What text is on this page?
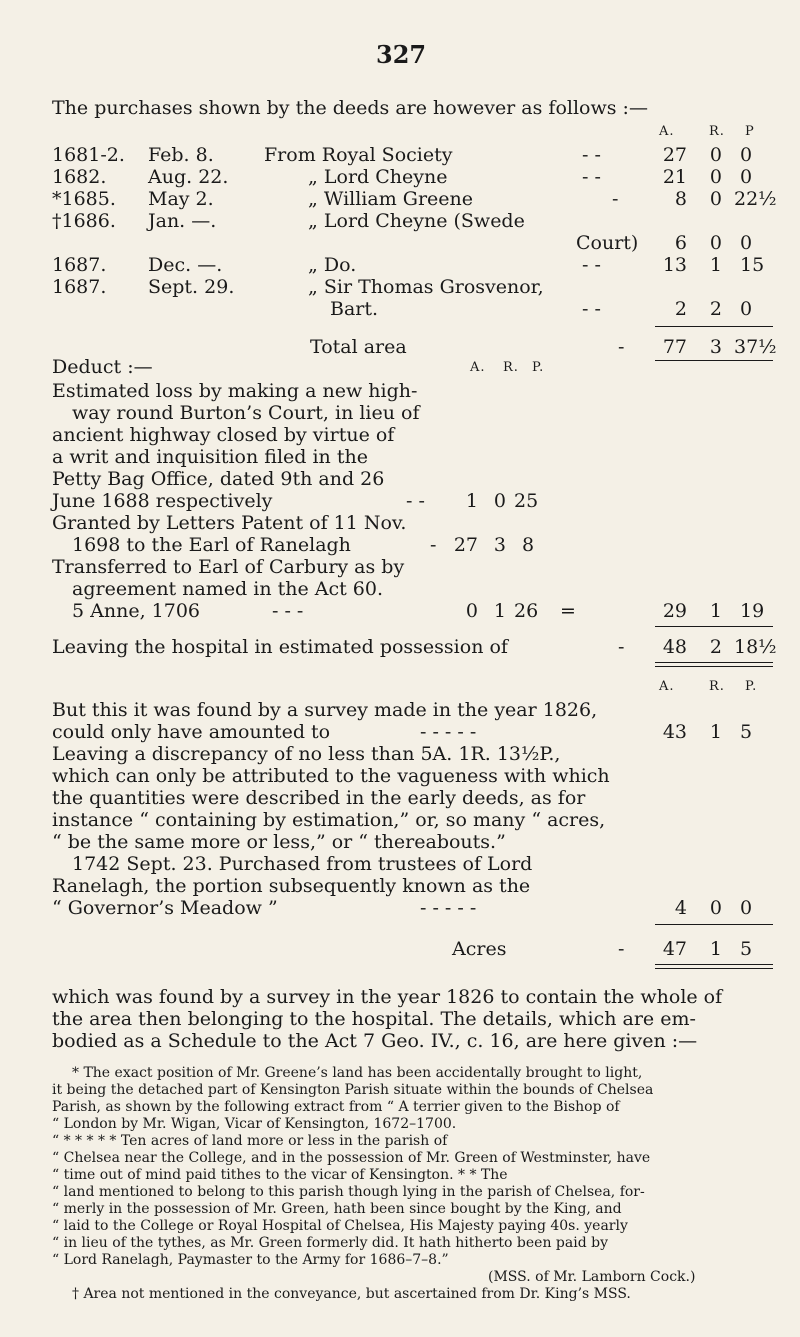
327
The purchases shown by the deeds are however as follows :—
A.	R. P
1681-2. Feb. 8.	From Royal Society	- -	27	0 0
1682. Aug. 22.	„ Lord Cheyne	- -	21	0 0
*1685. May 2.	„ William Greene	-	8	0 22½
†1686. Jan. —.	„ Lord Cheyne (Swede
Court)	6	0 0
1687. Dec. —.	„ Do.	- -	13	1 15
1687. Sept. 29.	„ Sir Thomas Grosvenor,
Bart.	- -	2	2 0
Total area	-	77	3 37½
Deduct :—	A. R. P.
Estimated loss by making a new high-
way round Burton’s Court, in lieu of
ancient highway closed by virtue of
a writ and inquisition filed in the
Petty Bag Office, dated 9th and 26
June 1688 respectively	- -	1 0 25
Granted by Letters Patent of 11 Nov.
1698 to the Earl of Ranelagh	- 27 3 8
Transferred to Earl of Carbury as by
agreement named in the Act 60.
5 Anne, 1706	- - -	0 1 26 =	29	1 19
Leaving the hospital in estimated possession of	-	48	2 18½
A.	R. P.
But this it was found by a survey made in the year 1826,
could only have amounted to	- - - - -	43	1 5
Leaving a discrepancy of no less than 5A. 1R. 13½P.,
which can only be attributed to the vagueness with which
the quantities were described in the early deeds, as for
instance “ containing by estimation,” or, so many “ acres,
“ be the same more or less,” or “ thereabouts.”
1742 Sept. 23. Purchased from trustees of Lord
Ranelagh, the portion subsequently known as the
“ Governor’s Meadow ”	- - - - -	4	0 0
Acres	-	47	1 5
which was found by a survey in the year 1826 to contain the whole of
the area then belonging to the hospital. The details, which are em-
bodied as a Schedule to the Act 7 Geo. IV., c. 16, are here given :—
* The exact position of Mr. Greene’s land has been accidentally brought to light,
it being the detached part of Kensington Parish situate within the bounds of Chelsea
Parish, as shown by the following extract from “ A terrier given to the Bishop of
“ London by Mr. Wigan, Vicar of Kensington, 1672–1700.
“ * * * * * Ten acres of land more or less in the parish of
“ Chelsea near the College, and in the possession of Mr. Green of Westminster, have
“ time out of mind paid tithes to the vicar of Kensington. * * The
“ land mentioned to belong to this parish though lying in the parish of Chelsea, for-
“ merly in the possession of Mr. Green, hath been since bought by the King, and
“ laid to the College or Royal Hospital of Chelsea, His Majesty paying 40s. yearly
“ in lieu of the tythes, as Mr. Green formerly did. It hath hitherto been paid by
“ Lord Ranelagh, Paymaster to the Army for 1686–7–8.”
(MSS. of Mr. Lamborn Cock.)
† Area not mentioned in the conveyance, but ascertained from Dr. King’s MSS.
